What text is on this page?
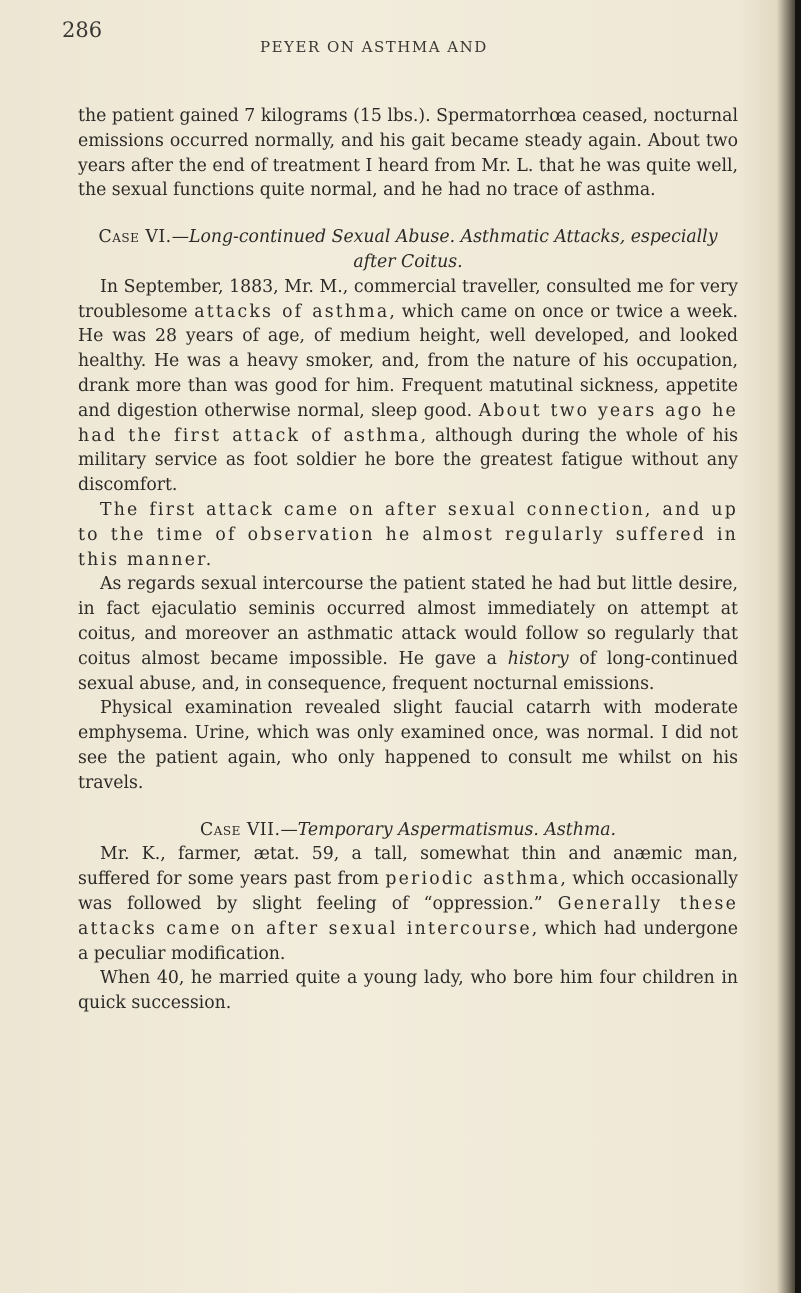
286
PEYER ON ASTHMA AND

the patient gained 7 kilograms (15 lbs.). Spermatorrhœa ceased, nocturnal emissions occurred normally, and his gait became steady again. About two years after the end of treatment I heard from Mr. L. that he was quite well, the sexual functions quite normal, and he had no trace of asthma.

Case VI.—Long-continued Sexual Abuse. Asthmatic Attacks, especially after Coitus.

In September, 1883, Mr. M., commercial traveller, consulted me for very troublesome attacks of asthma, which came on once or twice a week. He was 28 years of age, of medium height, well developed, and looked healthy. He was a heavy smoker, and, from the nature of his occupation, drank more than was good for him. Frequent matutinal sickness, appetite and digestion otherwise normal, sleep good. About two years ago he had the first attack of asthma, although during the whole of his military service as foot soldier he bore the greatest fatigue without any discomfort.

The first attack came on after sexual connection, and up to the time of observation he almost regularly suffered in this manner.

As regards sexual intercourse the patient stated he had but little desire, in fact ejaculatio seminis occurred almost immediately on attempt at coitus, and moreover an asthmatic attack would follow so regularly that coitus almost became impossible. He gave a history of long-continued sexual abuse, and, in consequence, frequent nocturnal emissions.

Physical examination revealed slight faucial catarrh with moderate emphysema. Urine, which was only examined once, was normal. I did not see the patient again, who only happened to consult me whilst on his travels.

Case VII.—Temporary Aspermatismus. Asthma.

Mr. K., farmer, ætat. 59, a tall, somewhat thin and anæmic man, suffered for some years past from periodic asthma, which occasionally was followed by slight feeling of “oppression.” Generally these attacks came on after sexual intercourse, which had undergone a peculiar modification.

When 40, he married quite a young lady, who bore him four children in quick succession.
